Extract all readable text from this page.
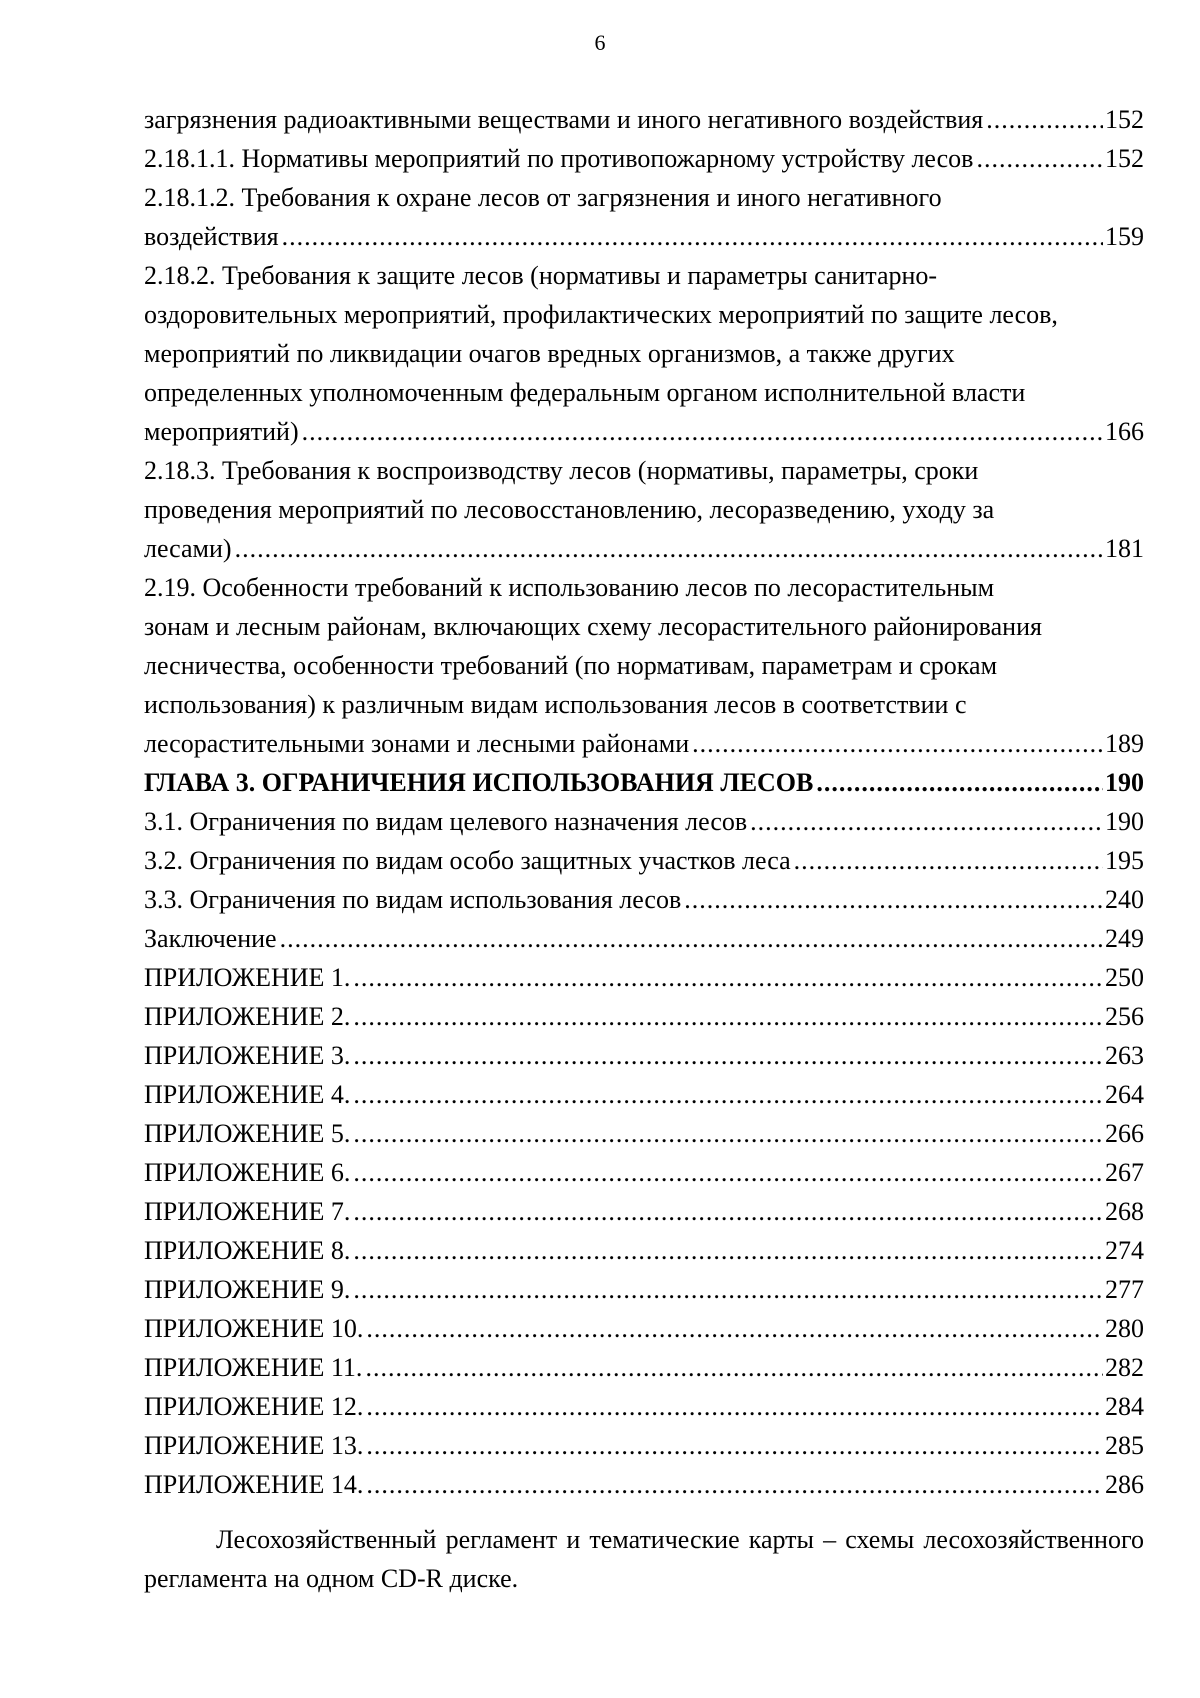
6
загрязнения радиоактивными веществами и иного негативного воздействия .....	152
2.18.1.1. Нормативы мероприятий по противопожарному устройству лесов .....	152
2.18.1.2. Требования к охране лесов от загрязнения и иного негативного
воздействия .....	159
2.18.2. Требования к защите лесов (нормативы и параметры санитарно-
оздоровительных мероприятий, профилактических мероприятий по защите лесов,
мероприятий по ликвидации очагов вредных организмов, а также других
определенных уполномоченным федеральным органом исполнительной власти
мероприятий) .....	166
2.18.3. Требования к воспроизводству лесов (нормативы, параметры, сроки
проведения мероприятий по лесовосстановлению, лесоразведению, уходу за
лесами) .....	181
2.19. Особенности требований к использованию лесов по лесорастительным
зонам и лесным районам, включающих схему лесорастительного районирования
лесничества, особенности требований (по нормативам, параметрам и срокам
использования) к различным видам использования лесов в соответствии с
лесорастительными зонами и лесными районами .....	189
ГЛАВА 3. ОГРАНИЧЕНИЯ ИСПОЛЬЗОВАНИЯ ЛЕСОВ .....	190
3.1. Ограничения по видам целевого назначения лесов .....	190
3.2. Ограничения по видам особо защитных участков леса .....	195
3.3. Ограничения по видам использования лесов .....	240
Заключение .....	249
ПРИЛОЖЕНИЕ 1. .....	250
ПРИЛОЖЕНИЕ 2. .....	256
ПРИЛОЖЕНИЕ 3. .....	263
ПРИЛОЖЕНИЕ 4. .....	264
ПРИЛОЖЕНИЕ 5. .....	266
ПРИЛОЖЕНИЕ 6. .....	267
ПРИЛОЖЕНИЕ 7. .....	268
ПРИЛОЖЕНИЕ 8. .....	274
ПРИЛОЖЕНИЕ 9. .....	277
ПРИЛОЖЕНИЕ 10. .....	280
ПРИЛОЖЕНИЕ 11. .....	282
ПРИЛОЖЕНИЕ 12. .....	284
ПРИЛОЖЕНИЕ 13. .....	285
ПРИЛОЖЕНИЕ 14. .....	286
Лесохозяйственный регламент и тематические карты – схемы лесохозяйственного регламента на одном CD-R диске.
